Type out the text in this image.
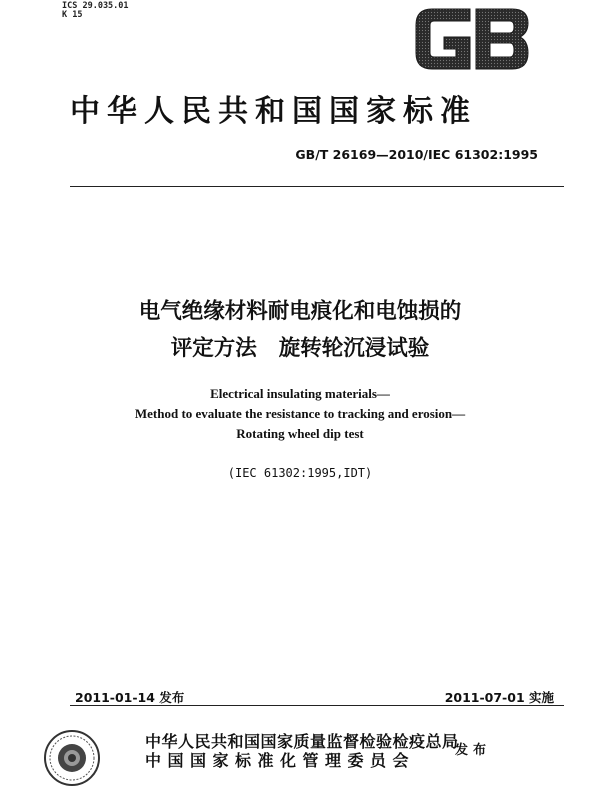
ICS 29.035.01
K 15
中华人民共和国国家标准
GB/T 26169—2010/IEC 61302:1995
电气绝缘材料耐电痕化和电蚀损的
评定方法 旋转轮沉浸试验
Electrical insulating materials—
Method to evaluate the resistance to tracking and erosion—
Rotating wheel dip test
(IEC 61302:1995,IDT)
2011-01-14 发布	2011-07-01 实施
中华人民共和国国家质量监督检验检疫总局
中国国家标准化管理委员会
发布
